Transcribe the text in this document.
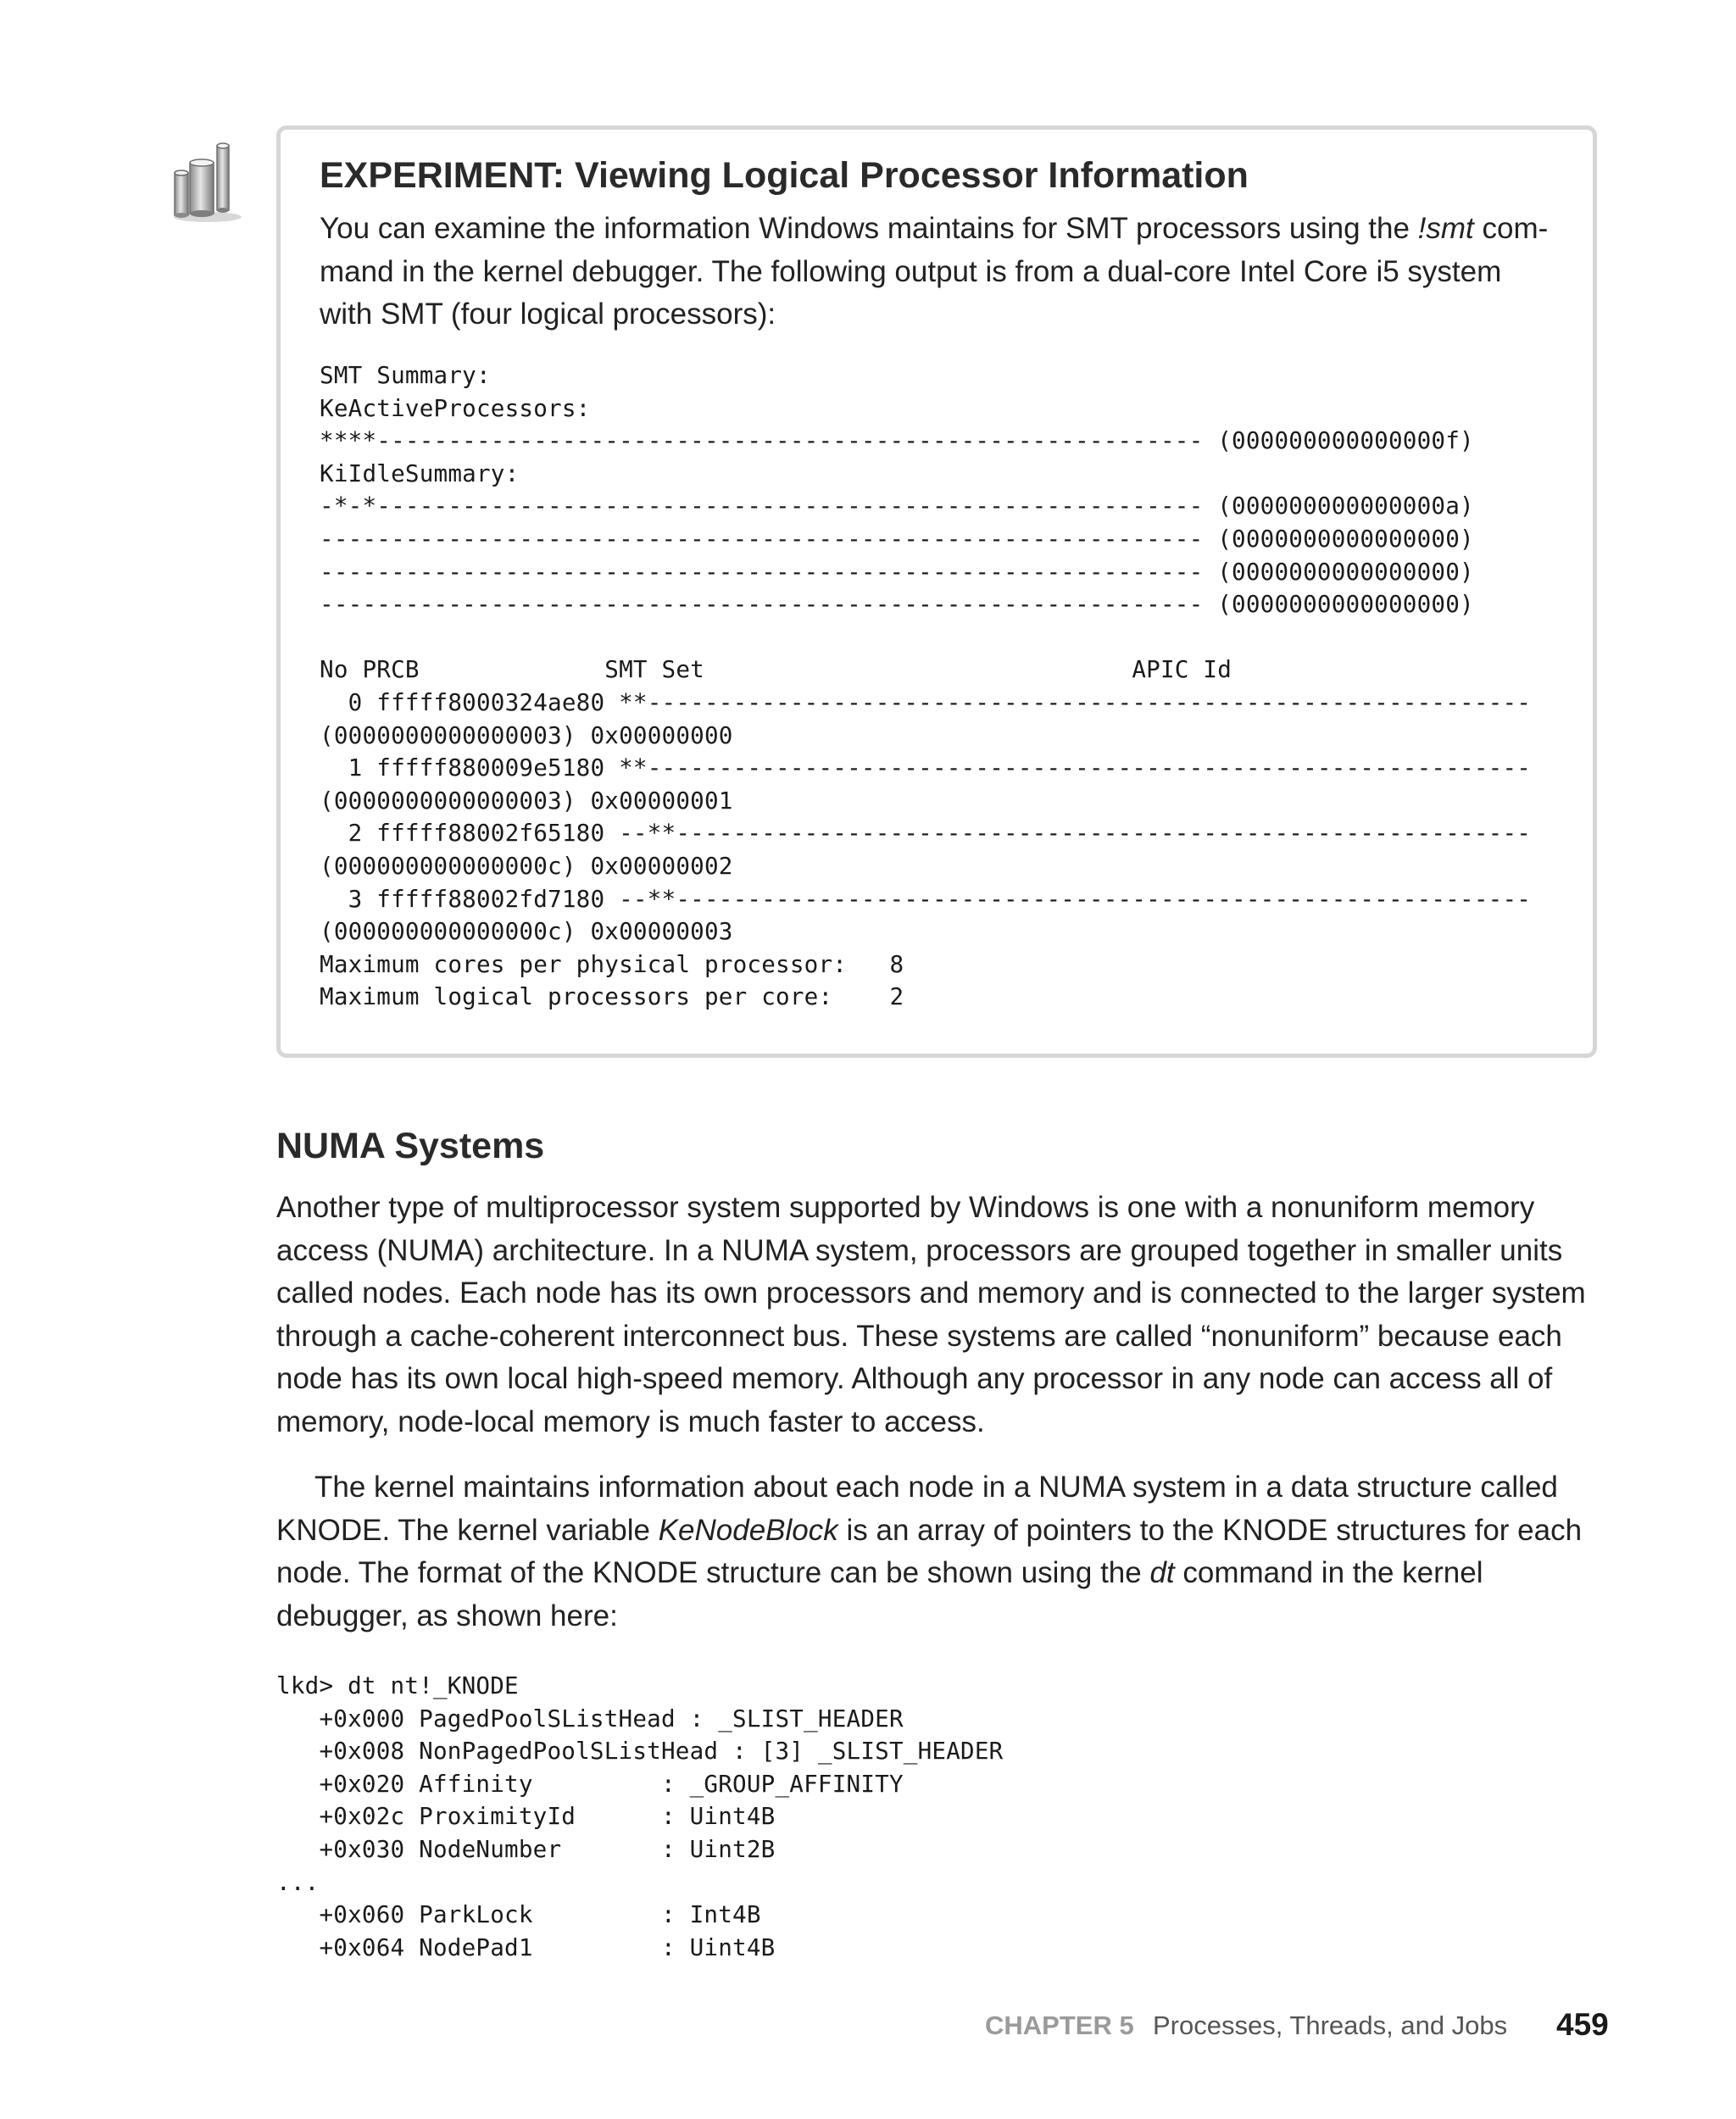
EXPERIMENT: Viewing Logical Processor Information

You can examine the information Windows maintains for SMT processors using the !smt com-
mand in the kernel debugger. The following output is from a dual-core Intel Core i5 system
with SMT (four logical processors):

SMT Summary:
KeActiveProcessors:
****---------------------------------------------------------- (000000000000000f)
KiIdleSummary:
-*-*---------------------------------------------------------- (000000000000000a)
-------------------------------------------------------------- (0000000000000000)
-------------------------------------------------------------- (0000000000000000)
-------------------------------------------------------------- (0000000000000000)

No PRCB             SMT Set                              APIC Id
0 fffff8000324ae80 **--------------------------------------------------------------
(0000000000000003) 0x00000000
1 fffff880009e5180 **--------------------------------------------------------------
(0000000000000003) 0x00000001
2 fffff88002f65180 --**------------------------------------------------------------
(000000000000000c) 0x00000002
3 fffff88002fd7180 --**------------------------------------------------------------
(000000000000000c) 0x00000003
Maximum cores per physical processor:   8
Maximum logical processors per core:    2
NUMA Systems
Another type of multiprocessor system supported by Windows is one with a nonuniform memory
access (NUMA) architecture. In a NUMA system, processors are grouped together in smaller units
called nodes. Each node has its own processors and memory and is connected to the larger system
through a cache-coherent interconnect bus. These systems are called “nonuniform” because each
node has its own local high-speed memory. Although any processor in any node can access all of
memory, node-local memory is much faster to access.
The kernel maintains information about each node in a NUMA system in a data structure called
KNODE. The kernel variable KeNodeBlock is an array of pointers to the KNODE structures for each
node. The format of the KNODE structure can be shown using the dt command in the kernel
debugger, as shown here:
lkd> dt nt!_KNODE
+0x000 PagedPoolSListHead : _SLIST_HEADER
+0x008 NonPagedPoolSListHead : [3] _SLIST_HEADER
+0x020 Affinity         : _GROUP_AFFINITY
+0x02c ProximityId      : Uint4B
+0x030 NodeNumber       : Uint2B
...
+0x060 ParkLock         : Int4B
+0x064 NodePad1         : Uint4B
CHAPTER 5 Processes, Threads, and Jobs 459
